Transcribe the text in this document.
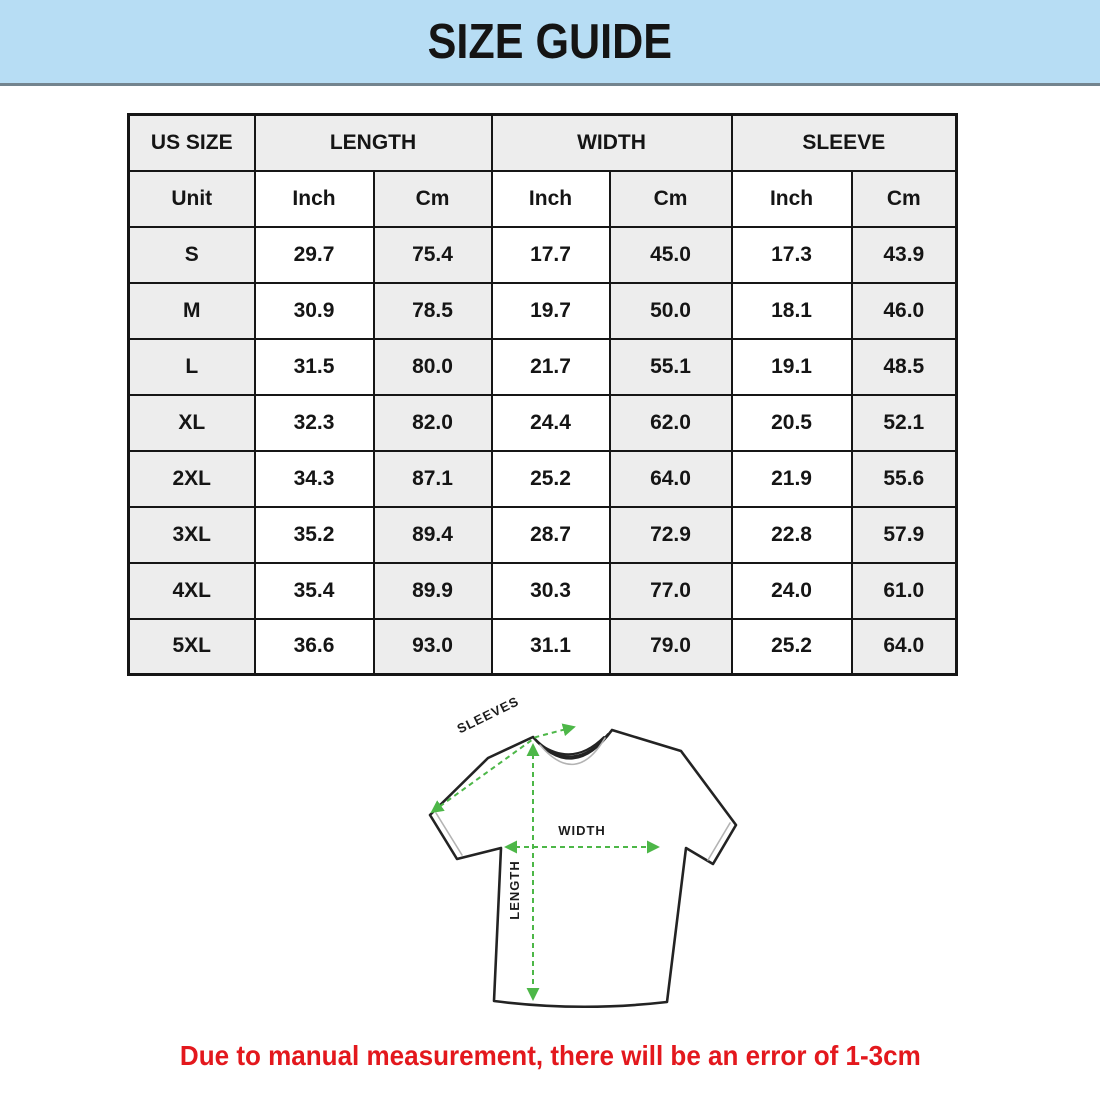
SIZE GUIDE
US SIZE	LENGTH		WIDTH		SLEEVE	
Unit	Inch	Cm	Inch	Cm	Inch	Cm
S	29.7	75.4	17.7	45.0	17.3	43.9
M	30.9	78.5	19.7	50.0	18.1	46.0
L	31.5	80.0	21.7	55.1	19.1	48.5
XL	32.3	82.0	24.4	62.0	20.5	52.1
2XL	34.3	87.1	25.2	64.0	21.9	55.6
3XL	35.2	89.4	28.7	72.9	22.8	57.9
4XL	35.4	89.9	30.3	77.0	24.0	61.0
5XL	36.6	93.0	31.1	79.0	25.2	64.0
LENGTH
WIDTH
SLEEVES
Due to manual measurement, there will be an error of 1-3cm
